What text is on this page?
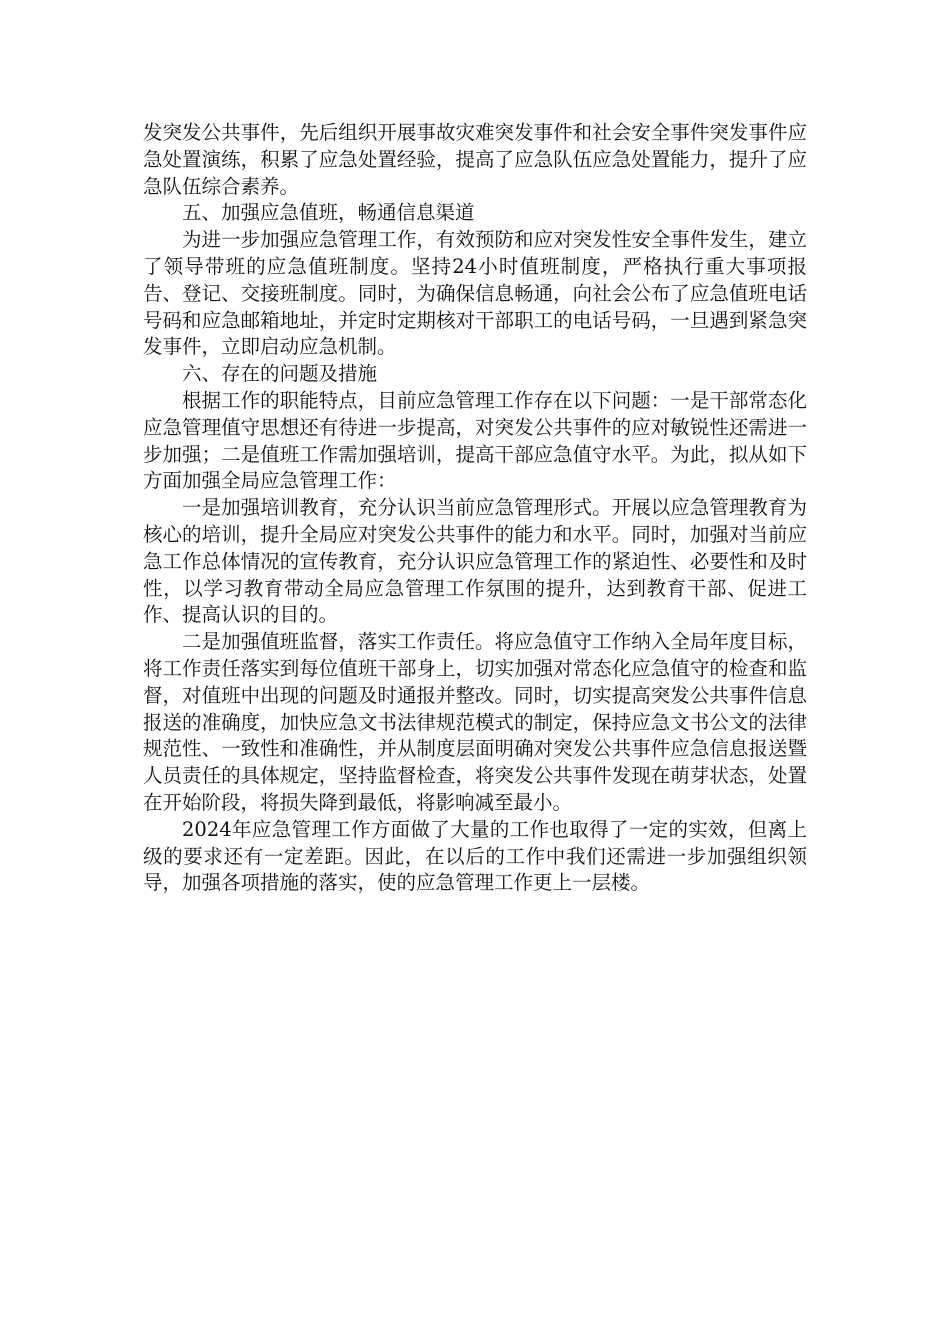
发突发公共事件，先后组织开展事故灾难突发事件和社会安全事件突发事件应急处置演练，积累了应急处置经验，提高了应急队伍应急处置能力，提升了应急队伍综合素养。

五、加强应急值班，畅通信息渠道

为进一步加强应急管理工作，有效预防和应对突发性安全事件发生，建立了领导带班的应急值班制度。坚持24小时值班制度，严格执行重大事项报告、登记、交接班制度。同时，为确保信息畅通，向社会公布了应急值班电话号码和应急邮箱地址，并定时定期核对干部职工的电话号码，一旦遇到紧急突发事件，立即启动应急机制。

六、存在的问题及措施

根据工作的职能特点，目前应急管理工作存在以下问题：一是干部常态化应急管理值守思想还有待进一步提高，对突发公共事件的应对敏锐性还需进一步加强；二是值班工作需加强培训，提高干部应急值守水平。为此，拟从如下方面加强全局应急管理工作：

一是加强培训教育，充分认识当前应急管理形式。开展以应急管理教育为核心的培训，提升全局应对突发公共事件的能力和水平。同时，加强对当前应急工作总体情况的宣传教育，充分认识应急管理工作的紧迫性、必要性和及时性，以学习教育带动全局应急管理工作氛围的提升，达到教育干部、促进工作、提高认识的目的。

二是加强值班监督，落实工作责任。将应急值守工作纳入全局年度目标，将工作责任落实到每位值班干部身上，切实加强对常态化应急值守的检查和监督，对值班中出现的问题及时通报并整改。同时，切实提高突发公共事件信息报送的准确度，加快应急文书法律规范模式的制定，保持应急文书公文的法律规范性、一致性和准确性，并从制度层面明确对突发公共事件应急信息报送暨人员责任的具体规定，坚持监督检查，将突发公共事件发现在萌芽状态，处置在开始阶段，将损失降到最低，将影响减至最小。

2024年应急管理工作方面做了大量的工作也取得了一定的实效，但离上级的要求还有一定差距。因此，在以后的工作中我们还需进一步加强组织领导，加强各项措施的落实，使的应急管理工作更上一层楼。
